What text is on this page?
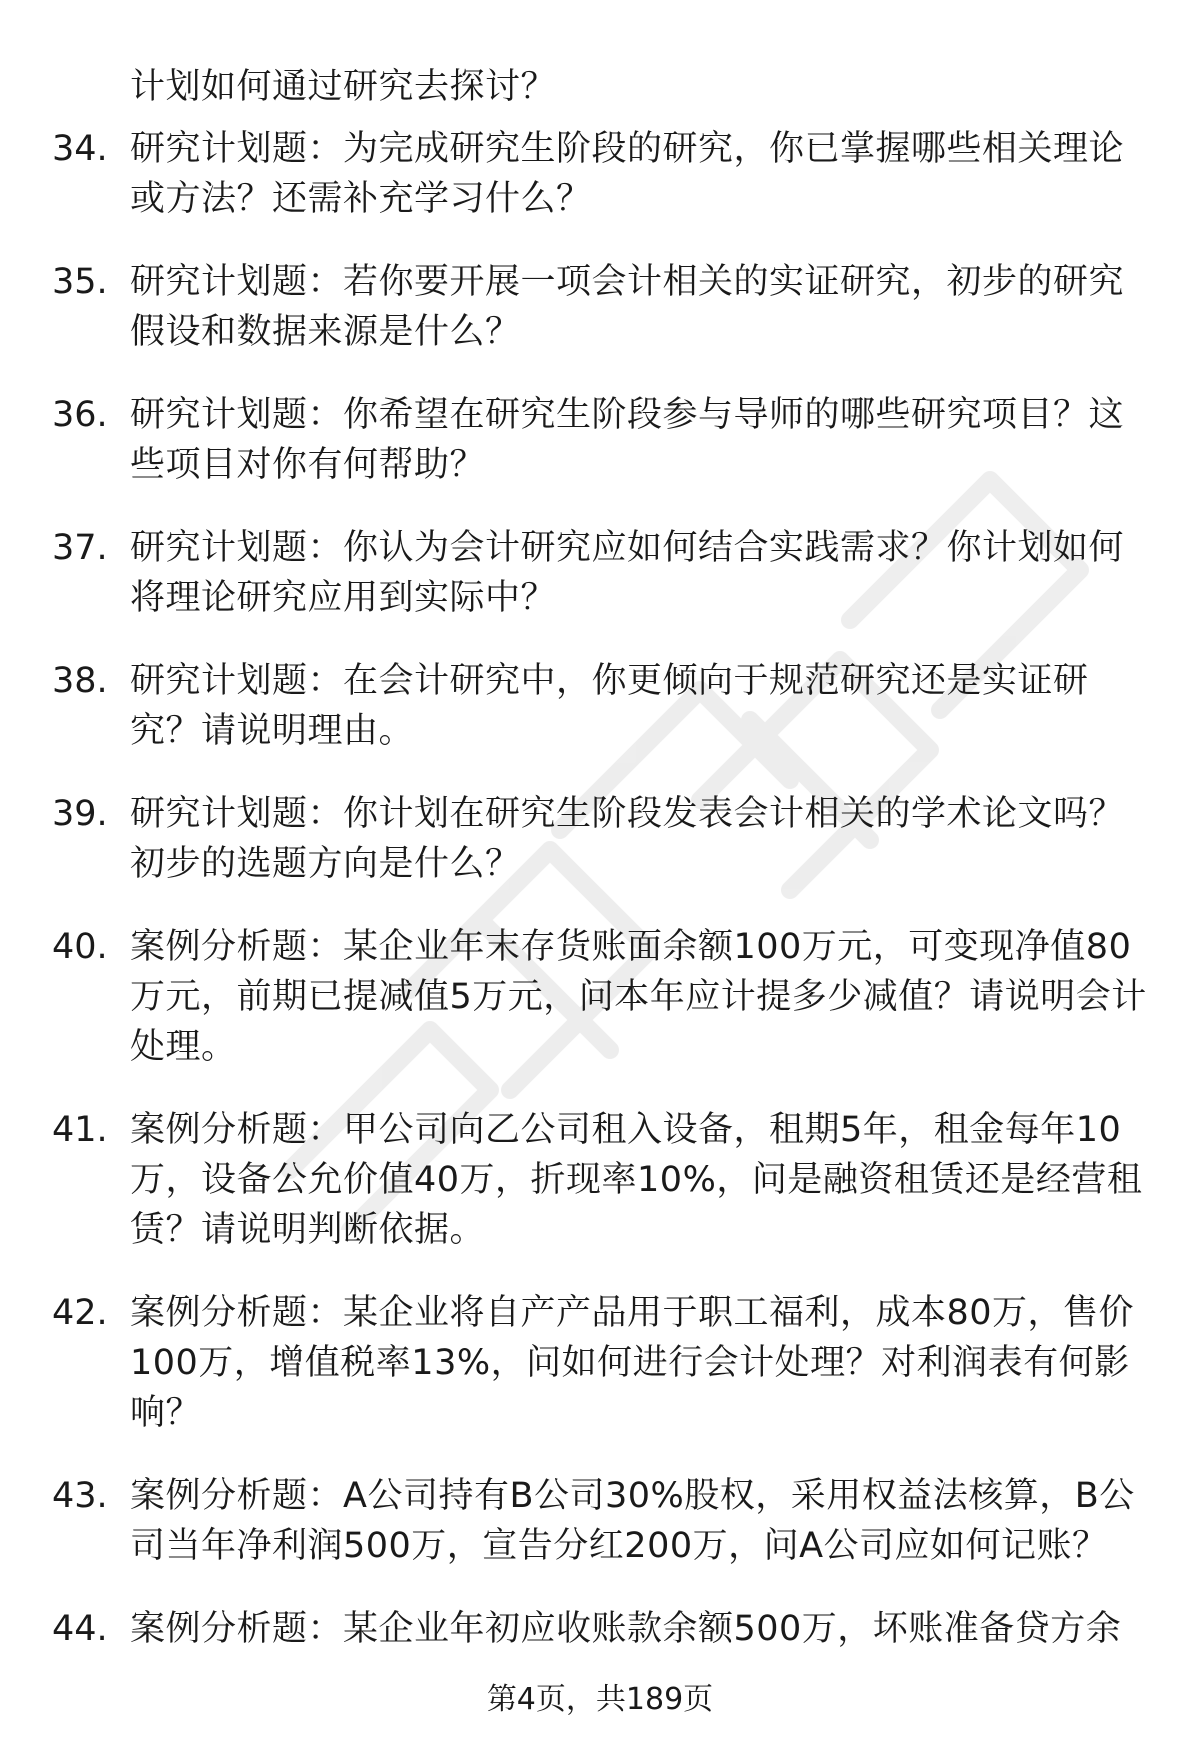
计划如何通过研究去探讨？
34. 研究计划题：为完成研究生阶段的研究，你已掌握哪些相关理论
或方法？还需补充学习什么？
35. 研究计划题：若你要开展一项会计相关的实证研究，初步的研究
假设和数据来源是什么？
36. 研究计划题：你希望在研究生阶段参与导师的哪些研究项目？这
些项目对你有何帮助？
37. 研究计划题：你认为会计研究应如何结合实践需求？你计划如何
将理论研究应用到实际中？
38. 研究计划题：在会计研究中，你更倾向于规范研究还是实证研
究？请说明理由。
39. 研究计划题：你计划在研究生阶段发表会计相关的学术论文吗？
初步的选题方向是什么？
40. 案例分析题：某企业年末存货账面余额100万元，可变现净值80
万元，前期已提减值5万元，问本年应计提多少减值？请说明会计
处理。
41. 案例分析题：甲公司向乙公司租入设备，租期5年，租金每年10
万，设备公允价值40万，折现率10%，问是融资租赁还是经营租
赁？请说明判断依据。
42. 案例分析题：某企业将自产产品用于职工福利，成本80万，售价
100万，增值税率13%，问如何进行会计处理？对利润表有何影
响？
43. 案例分析题：A公司持有B公司30%股权，采用权益法核算，B公
司当年净利润500万，宣告分红200万，问A公司应如何记账？
44. 案例分析题：某企业年初应收账款余额500万，坏账准备贷方余
第4页，共189页
